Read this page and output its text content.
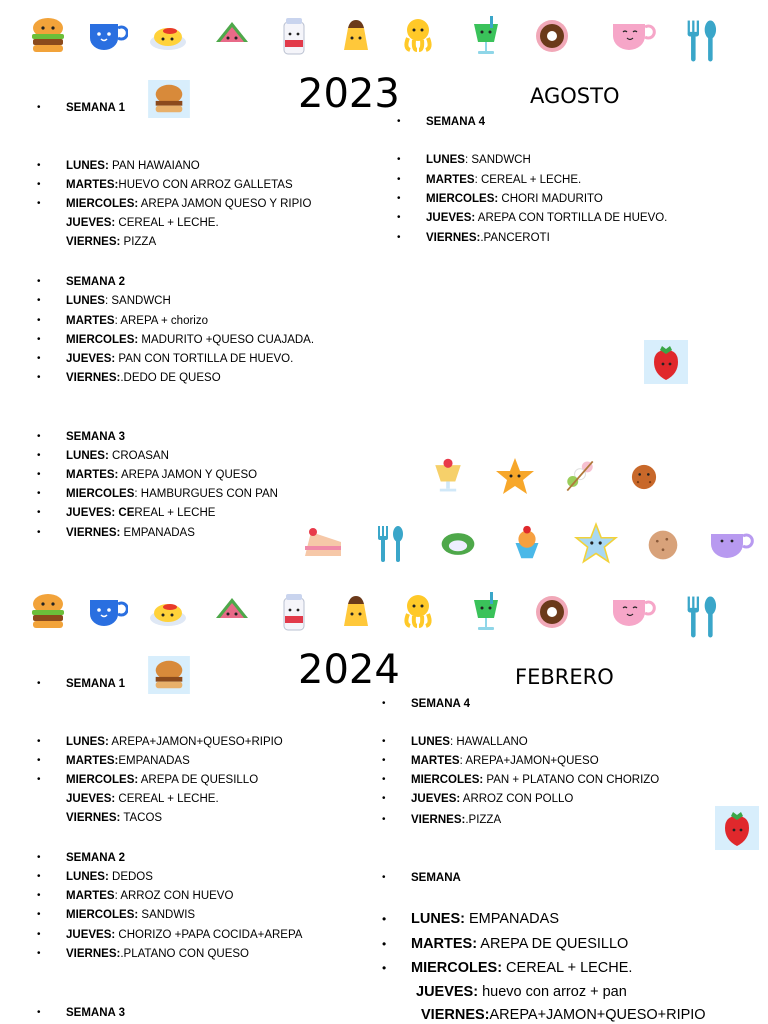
2023	AGOSTO
• SEMANA 1
• LUNES: PAN HAWAIANO
• MARTES:HUEVO CON ARROZ GALLETAS
• MIERCOLES: AREPA JAMON QUESO Y RIPIO
JUEVES: CEREAL + LECHE.
VIERNES: PIZZA
• SEMANA 2
• LUNES: SANDWCH
• MARTES: AREPA + chorizo
• MIERCOLES: MADURITO +QUESO CUAJADA.
• JUEVES: PAN CON TORTILLA DE HUEVO.
• VIERNES:.DEDO DE QUESO
• SEMANA 3
• LUNES: CROASAN
• MARTES: AREPA JAMON Y QUESO
• MIERCOLES: HAMBURGUES CON PAN
• JUEVES: CEREAL + LECHE
• VIERNES: EMPANADAS
• SEMANA 4
• LUNES: SANDWCH
• MARTES: CEREAL + LECHE.
• MIERCOLES: CHORI MADURITO
• JUEVES: AREPA CON TORTILLA DE HUEVO.
• VIERNES:.PANCEROTI
2024	FEBRERO
• SEMANA 1
• LUNES: AREPA+JAMON+QUESO+RIPIO
• MARTES:EMPANADAS
• MIERCOLES: AREPA DE QUESILLO
JUEVES: CEREAL + LECHE.
VIERNES: TACOS
• SEMANA 2
• LUNES: DEDOS
• MARTES: ARROZ CON HUEVO
• MIERCOLES: SANDWIS
• JUEVES: CHORIZO +PAPA COCIDA+AREPA
• VIERNES:.PLATANO CON QUESO
• SEMANA 3
• SEMANA 4
• LUNES: HAWALLANO
• MARTES: AREPA+JAMON+QUESO
• MIERCOLES: PAN + PLATANO CON CHORIZO
• JUEVES: ARROZ CON POLLO
• VIERNES:.PIZZA
• SEMANA
• LUNES: EMPANADAS
• MARTES: AREPA DE QUESILLO
• MIERCOLES: CEREAL + LECHE.
JUEVES: huevo con arroz + pan
VIERNES:AREPA+JAMON+QUESO+RIPIO
